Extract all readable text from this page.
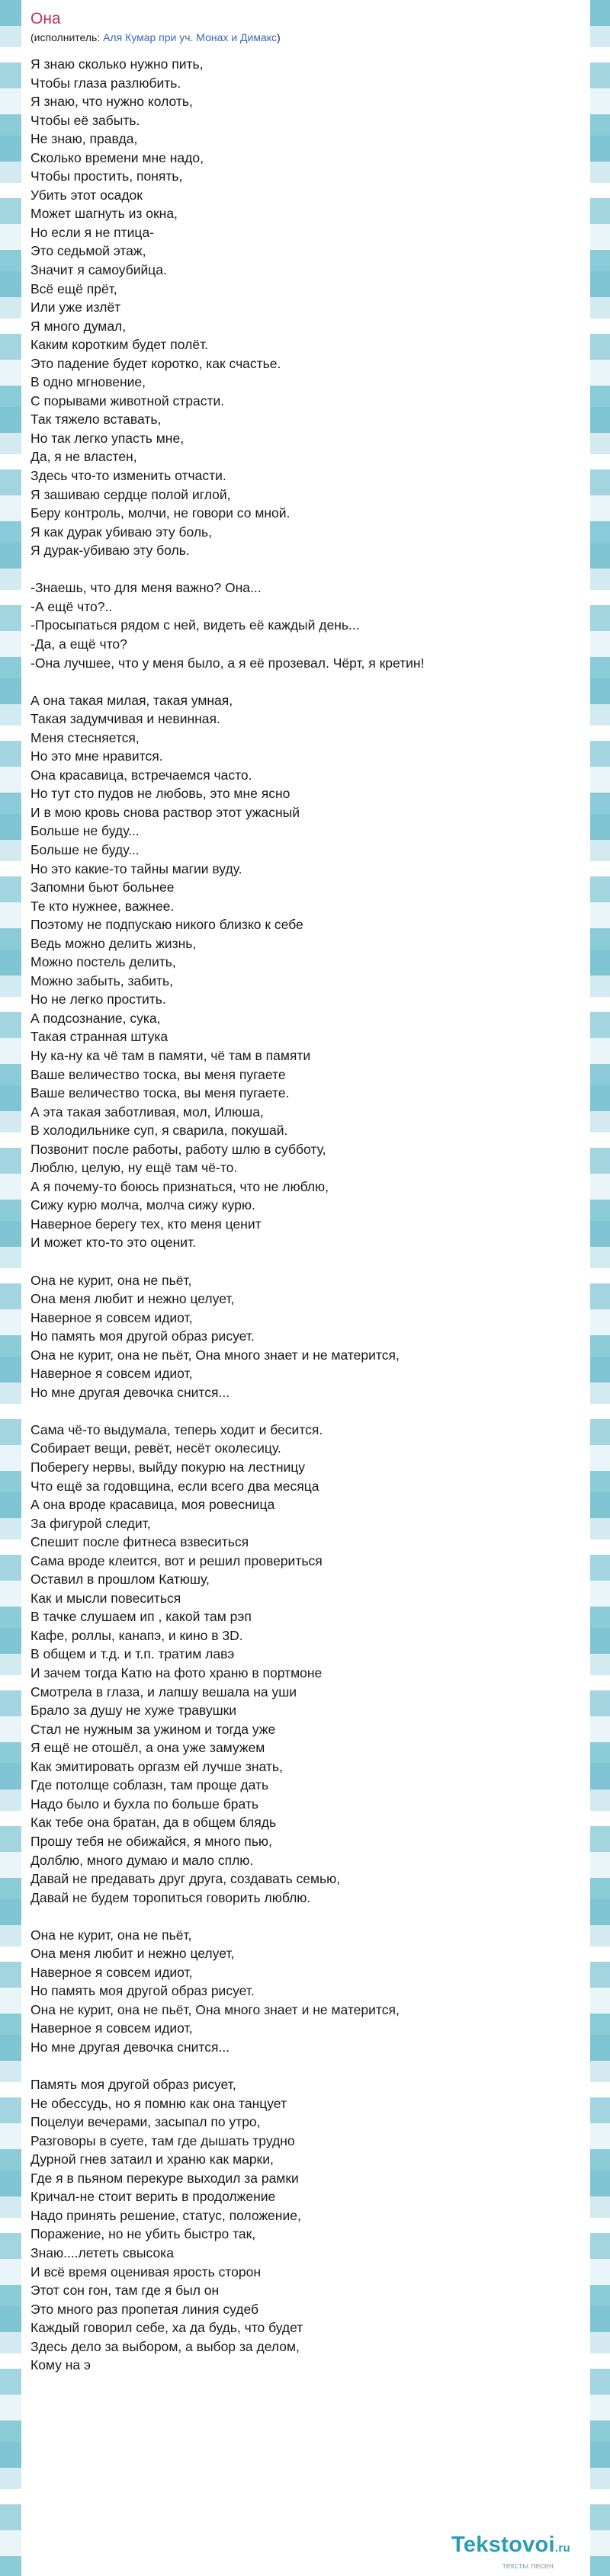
Она
(исполнитель: Аля Кумар при уч. Монах и Димакс)
Я знаю сколько нужно пить,
Чтобы глаза разлюбить.
Я знаю, что нужно колоть,
Чтобы её забыть.
Не знаю, правда,
Сколько времени мне надо,
Чтобы простить, понять,
Убить этот осадок
Может шагнуть из окна,
Но если я не птица-
Это седьмой этаж,
Значит я самоубийца.
Всё ещё прёт,
Или уже излёт
Я много думал,
Каким коротким будет полёт.
Это падение будет коротко, как счастье.
В одно мгновение,
С порывами животной страсти.
Так тяжело вставать,
Но так легко упасть мне,
Да, я не властен,
Здесь что-то изменить отчасти.
Я зашиваю сердце полой иглой,
Беру контроль, молчи, не говори со мной.
Я как дурак убиваю эту боль,
Я дурак-убиваю эту боль.
-Знаешь, что для меня важно? Она...
-А ещё что?..
-Просыпаться рядом с ней, видеть её каждый день...
-Да, а ещё что?
-Она лучшее, что у меня было, а я её прозевал. Чёрт, я кретин!
А она такая милая, такая умная,
Такая задумчивая и невинная.
Меня стесняется,
Но это мне нравится.
Она красавица, встречаемся часто.
Но тут сто пудов не любовь, это мне ясно
И в мою кровь снова раствор этот ужасный
Больше не буду...
Больше не буду...
Но это какие-то тайны магии вуду.
Запомни бьют больнее
Те кто нужнее, важнее.
Поэтому не подпускаю никого близко к себе
Ведь можно делить жизнь,
Можно постель делить,
Можно забыть, забить,
Но не легко простить.
А подсознание, сука,
Такая странная штука
Ну ка-ну ка чё там в памяти, чё там в памяти
Ваше величество тоска, вы меня пугаете
Ваше величество тоска, вы меня пугаете.
А эта такая заботливая, мол, Илюша,
В холодильнике суп, я сварила, покушай.
Позвонит после работы, работу шлю в субботу,
Люблю, целую, ну ещё там чё-то.
А я почему-то боюсь признаться, что не люблю,
Сижу курю молча, молча сижу курю.
Наверное берегу тех, кто меня ценит
И может кто-то это оценит.
Она не курит, она не пьёт,
Она меня любит и нежно целует,
Наверное я совсем идиот,
Но память моя другой образ рисует.
Она не курит, она не пьёт, Она много знает и не матерится,
Наверное я совсем идиот,
Но мне другая девочка снится...
Сама чё-то выдумала, теперь ходит и бесится.
Собирает вещи, ревёт, несёт околесицу.
Поберегу нервы, выйду покурю на лестницу
Что ещё за годовщина, если всего два месяца
А она вроде красавица, моя ровесница
За фигурой следит,
Спешит после фитнеса взвеситься
Сама вроде клеится, вот и решил провериться
Оставил в прошлом Катюшу,
Как и мысли повеситься
В тачке слушаем ип , какой там рэп
Кафе, роллы, канапэ, и кино в 3D.
В общем и т.д. и т.п. тратим лавэ
И зачем тогда Катю на фото храню в портмоне
Смотрела в глаза, и лапшу вешала на уши
Брало за душу не хуже травушки
Стал не нужным за ужином и тогда уже
Я ещё не отошёл, а она уже замужем
Как эмитировать оргазм ей лучше знать,
Где потолще соблазн, там проще дать
Надо было и бухла по больше брать
Как тебе она братан, да в общем блядь
Прошу тебя не обижайся, я много пью,
Долблю, много думаю и мало сплю.
Давай не предавать друг друга, создавать семью,
Давай не будем торопиться говорить люблю.
Она не курит, она не пьёт,
Она меня любит и нежно целует,
Наверное я совсем идиот,
Но память моя другой образ рисует.
Она не курит, она не пьёт, Она много знает и не матерится,
Наверное я совсем идиот,
Но мне другая девочка снится...
Память моя другой образ рисует,
Не обессудь, но я помню как она танцует
Поцелуи вечерами, засыпал по утро,
Разговоры в суете, там где дышать трудно
Дурной гнев затаил и храню как марки,
Где я в пьяном перекуре выходил за рамки
Кричал-не стоит верить в продолжение
Надо принять решение, статус, положение,
Поражение, но не убить быстро так,
Знаю....лететь свысока
И всё время оценивая ярость сторон
Этот сон гон, там где я был он
Это много раз пропетая линия судеб
Каждый говорил себе, ха да будь, что будет
Здесь дело за выбором, а выбор за делом,
Кому на э
Tekstovoi.ru
тексты песен
